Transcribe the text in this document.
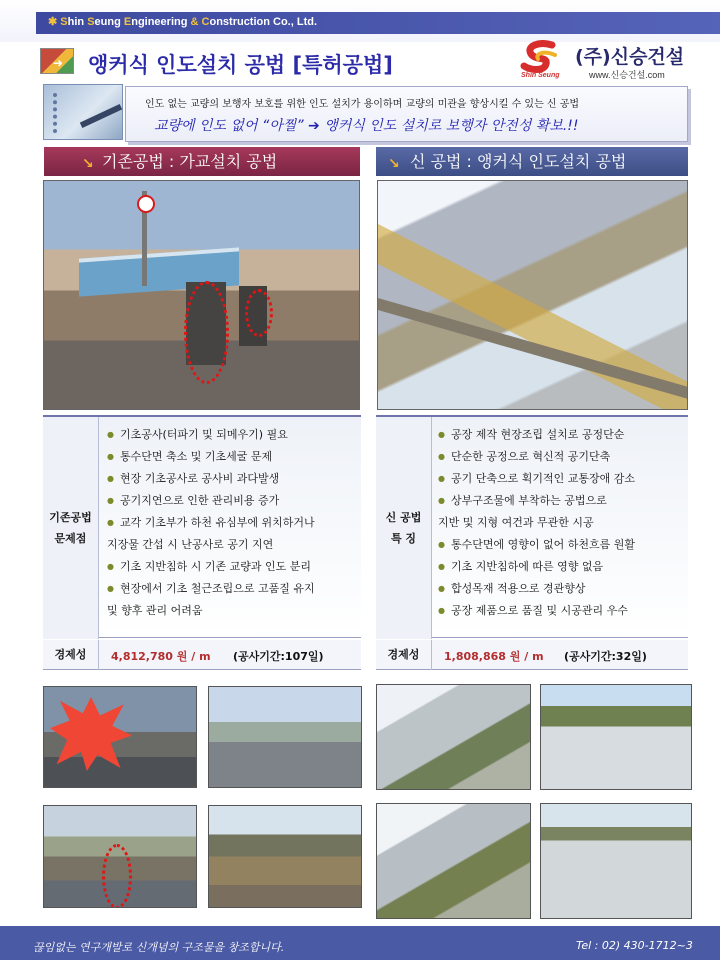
✱ Shin Seung Engineering & Construction Co., Ltd.
➜ 앵커식 인도설치 공법 [특허공법]	Shin Seung
(주)신승건설
www.신승건설.com
인도 없는 교량의 보행자 보호를 위한 인도 설치가 용이하며 교량의 미관을 향상시킬 수 있는 신 공법
교량에 인도 없어 “아찔” ➔ 앵커식 인도 설치로 보행자 안전성 확보.!!
↘ 기존공법 : 가교설치 공법	↘ 신 공법 : 앵커식 인도설치 공법
기존공법
문제점
● 기초공사(터파기 및 되메우기) 필요
● 통수단면 축소 및 기초세굴 문제
● 현장 기초공사로 공사비 과다발생
● 공기지연으로 인한 관리비용 증가
● 교각 기초부가 하천 유심부에 위치하거나
지장물 간섭 시 난공사로 공기 지연
● 기초 지반침하 시 기존 교량과 인도 분리
● 현장에서 기초 철근조립으로 고품질 유지
및 향후 관리 어려움
신 공법
특 징
● 공장 제작 현장조립 설치로 공정단순
● 단순한 공정으로 혁신적 공기단축
● 공기 단축으로 획기적인 교통장애 감소
● 상부구조물에 부착하는 공법으로
지반 및 지형 여건과 무관한 시공
● 통수단면에 영향이 없어 하천흐름 원활
● 기초 지반침하에 따른 영향 없음
● 합성목재 적용으로 경관향상
● 공장 제품으로 품질 및 시공관리 우수
경제성	4,812,780 원 / m (공사기간:107일)	경제성	1,808,868 원 / m (공사기간:32일)
끊임없는 연구개발로 신개념의 구조물을 창조합니다.	Tel : 02) 430-1712~3
